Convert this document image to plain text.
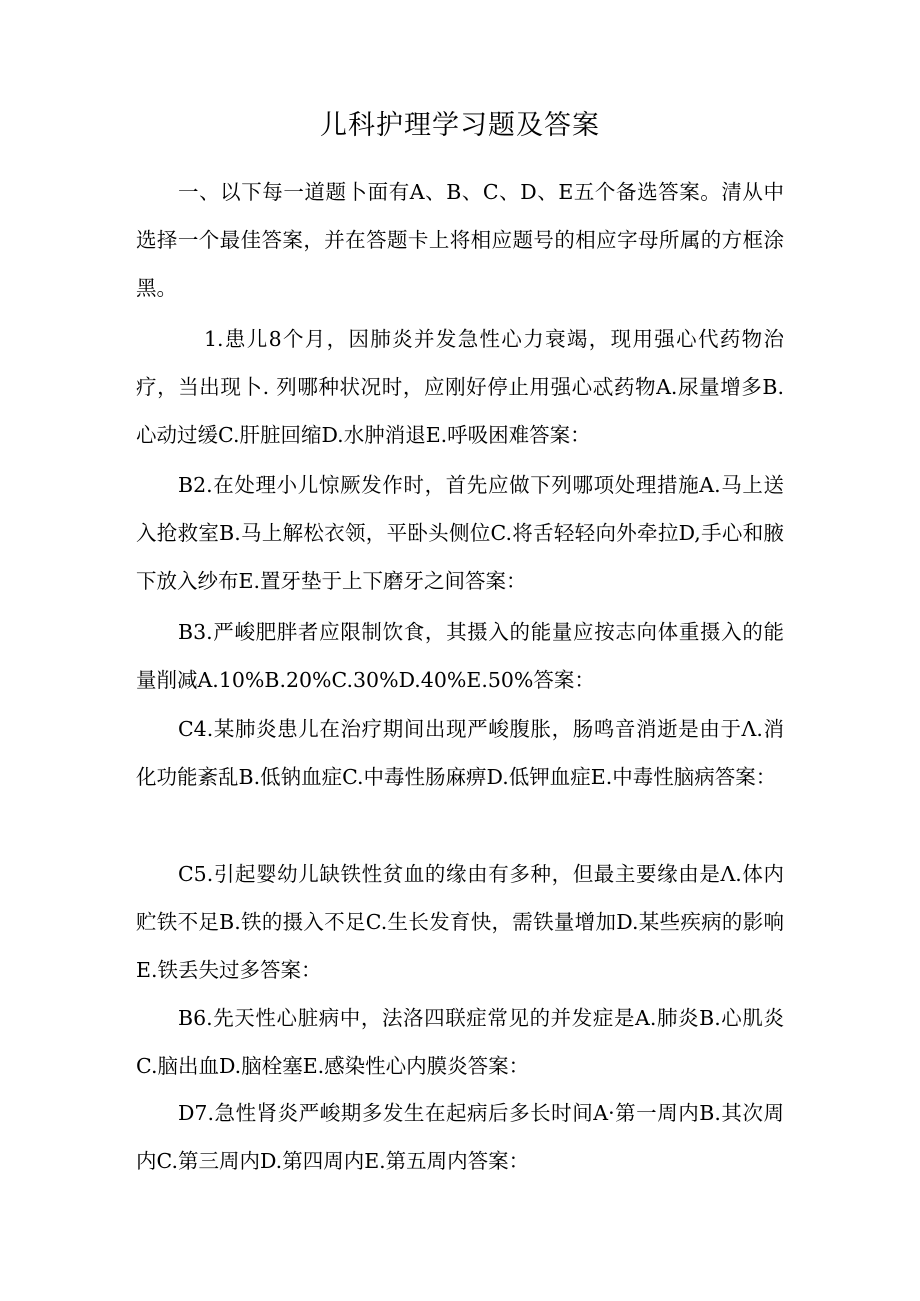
儿科护理学习题及答案

一、以下每一道题卜面有A、B、C、D、E五个备选答案。清从中选择一个最佳答案，并在答题卡上将相应题号的相应字母所属的方框涂黑。

1.患儿8个月，因肺炎并发急性心力衰竭，现用强心代药物治疗，当出现卜. 列哪种状况时，应刚好停止用强心忒药物A.尿量增多B.心动过缓C.肝脏回缩D.水肿消退E.呼吸困难答案：

B2.在处理小儿惊厥发作时，首先应做下列哪项处理措施A.马上送入抢救室B.马上解松衣领，平卧头侧位C.将舌轻轻向外牵拉D,手心和腋下放入纱布E.置牙垫于上下磨牙之间答案：

B3.严峻肥胖者应限制饮食，其摄入的能量应按志向体重摄入的能量削减A.10%B.20%C.30%D.40%E.50%答案：

C4.某肺炎患儿在治疗期间出现严峻腹胀，肠鸣音消逝是由于Λ.消化功能紊乱B.低钠血症C.中毒性肠麻痹D.低钾血症E.中毒性脑病答案：

C5.引起婴幼儿缺铁性贫血的缘由有多种，但最主要缘由是Λ.体内贮铁不足B.铁的摄入不足C.生长发育快，需铁量增加D.某些疾病的影响E.铁丢失过多答案：

B6.先天性心脏病中，法洛四联症常见的并发症是A.肺炎B.心肌炎C.脑出血D.脑栓塞E.感染性心内膜炎答案：

D7.急性肾炎严峻期多发生在起病后多长时间A·第一周内B.其次周内C.第三周内D.第四周内E.第五周内答案：
